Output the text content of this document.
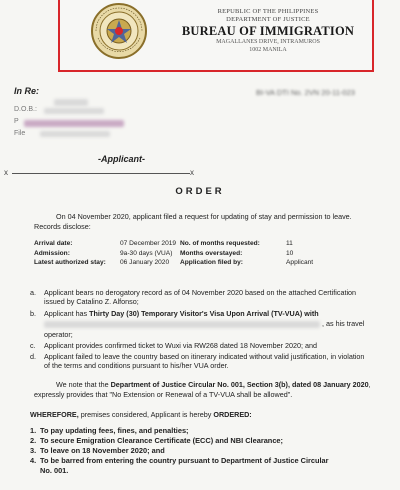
REPUBLIC OF THE PHILIPPINES
DEPARTMENT OF JUSTICE
BUREAU OF IMMIGRATION
MAGALLANES DRIVE, INTRAMUROS
1002 MANILA
In Re:	BI-VA DTI No. 2VN 20-11-023
D.O.B.:
P
File
-Applicant-
x	x
ORDER
On 04 November 2020, applicant filed a request for updating of stay and permission to leave. Records disclose:
Arrival date:	07 December 2019	No. of months requested:	11
Admission:	9a-30 days (VUA)	Months overstayed:	10
Latest authorized stay:	06 January 2020	Application filed by:	Applicant
a. Applicant bears no derogatory record as of 04 November 2020 based on the attached Certification issued by Catalino Z. Alfonso;
b. Applicant has Thirty Day (30) Temporary Visitor's Visa Upon Arrival (TV-VUA) with
, as his travel
operator;
c. Applicant provides confirmed ticket to Wuxi via RW268 dated 18 November 2020; and
d. Applicant failed to leave the country based on itinerary indicated without valid justification, in violation of the terms and conditions pursuant to his/her VUA order.
We note that the Department of Justice Circular No. 001, Section 3(b), dated 08 January 2020, expressly provides that "No Extension or Renewal of a TV-VUA shall be allowed".
WHEREFORE, premises considered, Applicant is hereby ORDERED:
1. To pay updating fees, fines, and penalties;
2. To secure Emigration Clearance Certificate (ECC) and NBI Clearance;
3. To leave on 18 November 2020; and
4. To be barred from entering the country pursuant to Department of Justice Circular
No. 001.
